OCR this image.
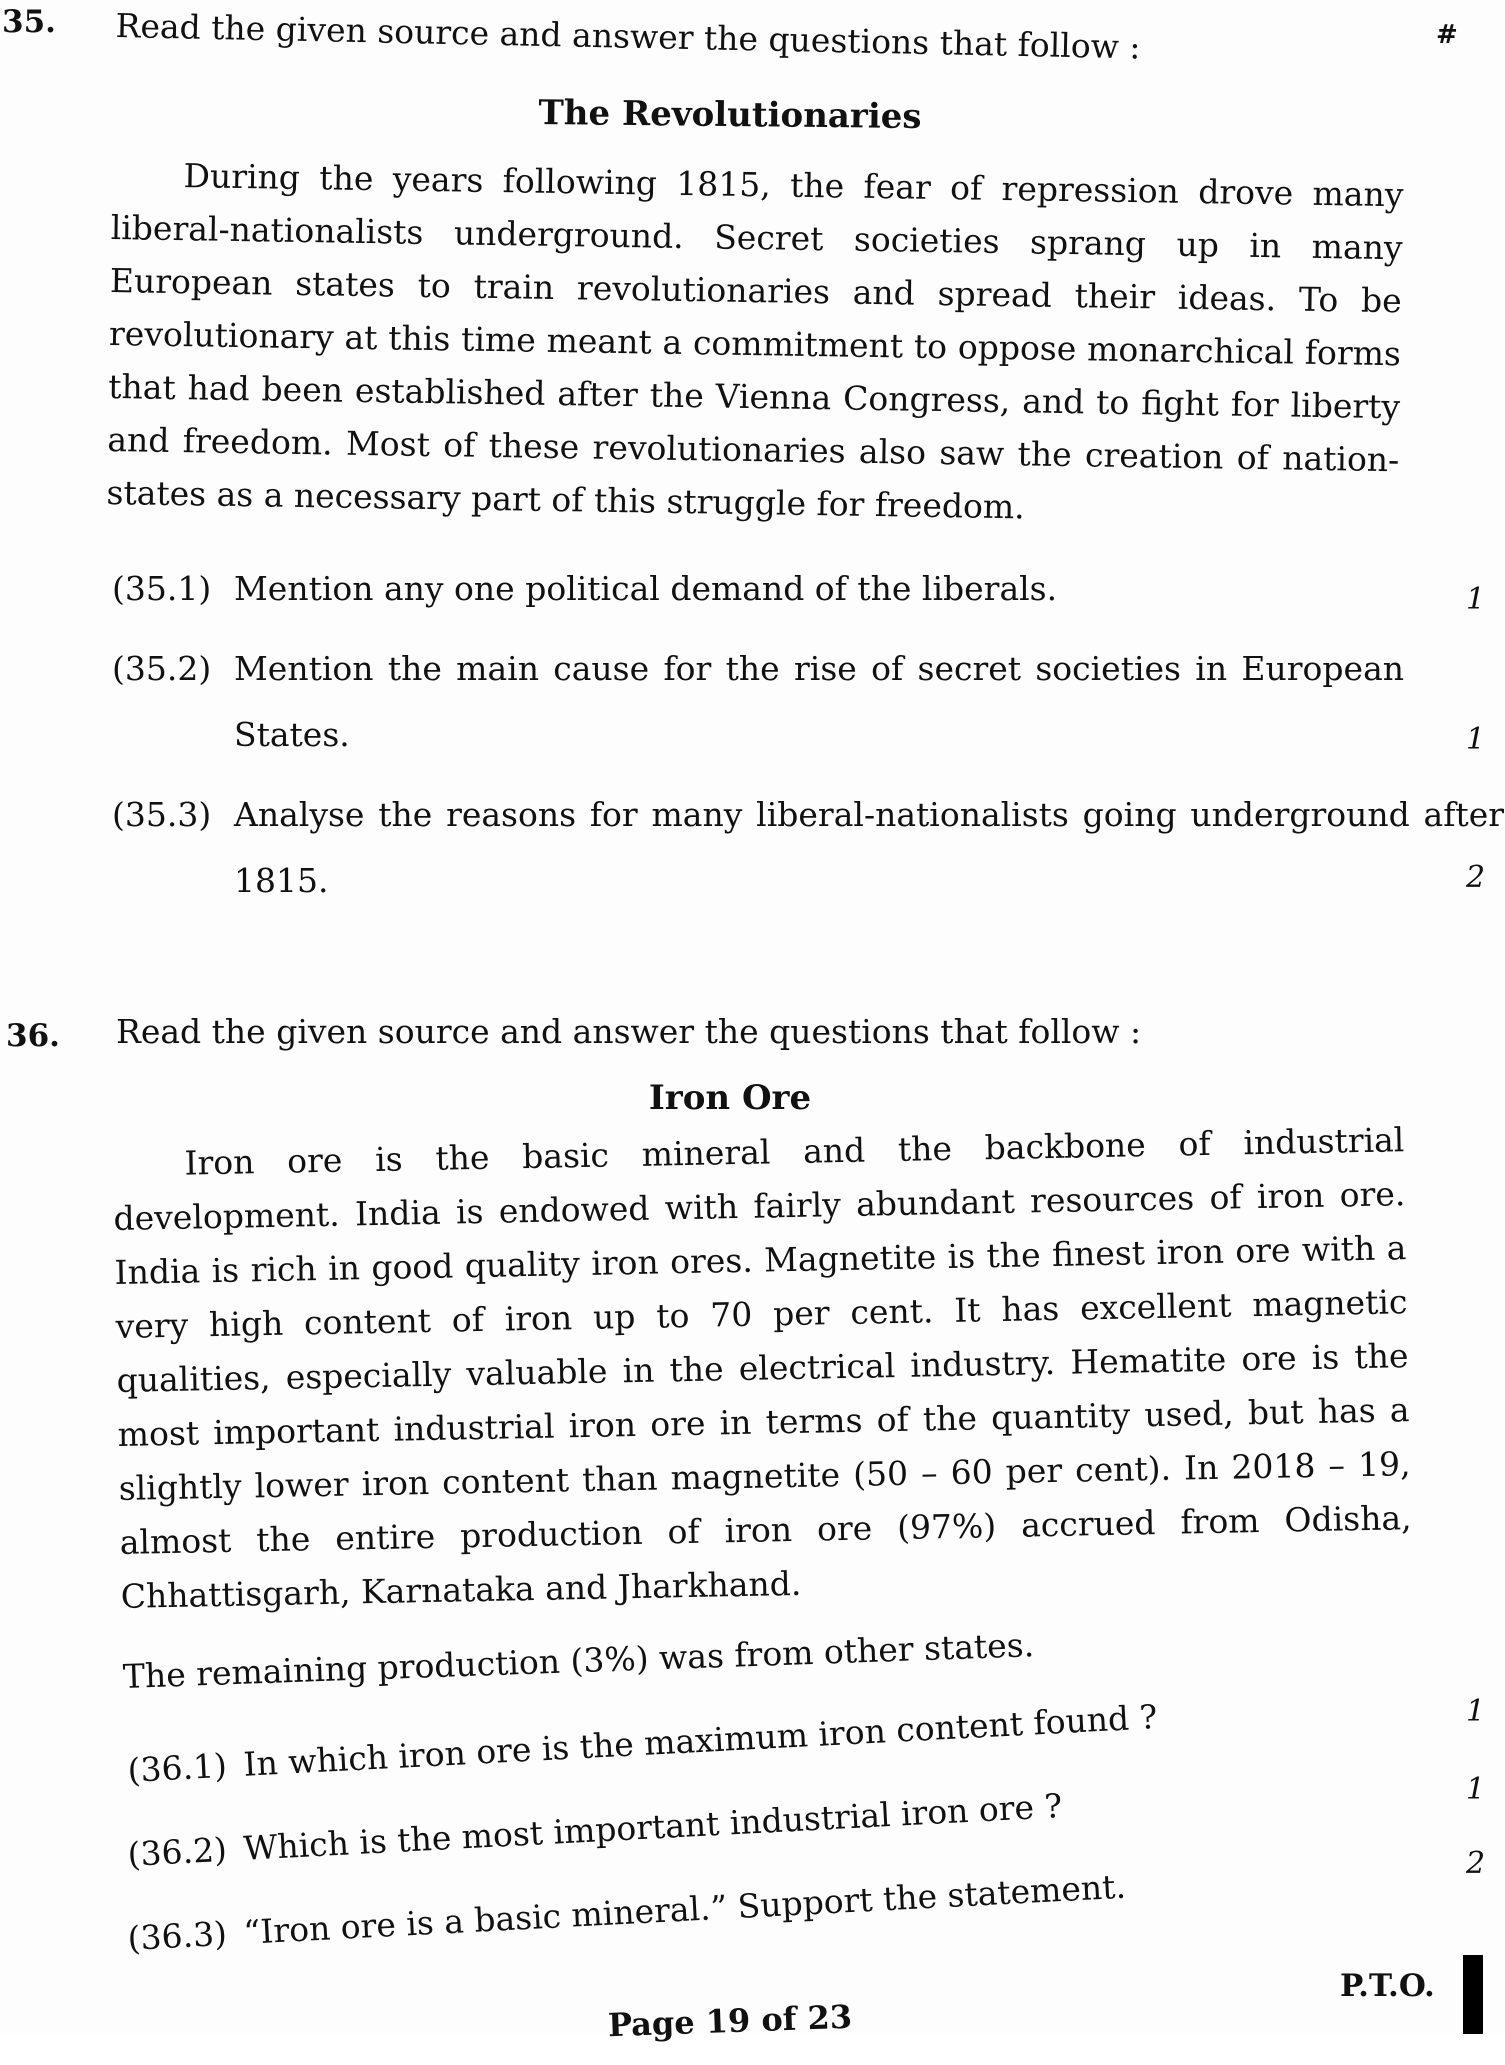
#
35. Read the given source and answer the questions that follow :
The Revolutionaries
During the years following 1815, the fear of repression drove many liberal-nationalists underground. Secret societies sprang up in many European states to train revolutionaries and spread their ideas. To be revolutionary at this time meant a commitment to oppose monarchical forms that had been established after the Vienna Congress, and to fight for liberty and freedom. Most of these revolutionaries also saw the creation of nation-states as a necessary part of this struggle for freedom.
(35.1) Mention any one political demand of the liberals.	1
(35.2) Mention the main cause for the rise of secret societies in European States.	1
(35.3) Analyse the reasons for many liberal-nationalists going underground after 1815.	2
36. Read the given source and answer the questions that follow :
Iron Ore
Iron ore is the basic mineral and the backbone of industrial development. India is endowed with fairly abundant resources of iron ore. India is rich in good quality iron ores. Magnetite is the finest iron ore with a very high content of iron up to 70 per cent. It has excellent magnetic qualities, especially valuable in the electrical industry. Hematite ore is the most important industrial iron ore in terms of the quantity used, but has a slightly lower iron content than magnetite (50 – 60 per cent). In 2018 – 19, almost the entire production of iron ore (97%) accrued from Odisha, Chhattisgarh, Karnataka and Jharkhand.
The remaining production (3%) was from other states.
(36.1) In which iron ore is the maximum iron content found ?	1
(36.2) Which is the most important industrial iron ore ?	1
(36.3) “Iron ore is a basic mineral.” Support the statement.
2
P.T.O.
Page 19 of 23
